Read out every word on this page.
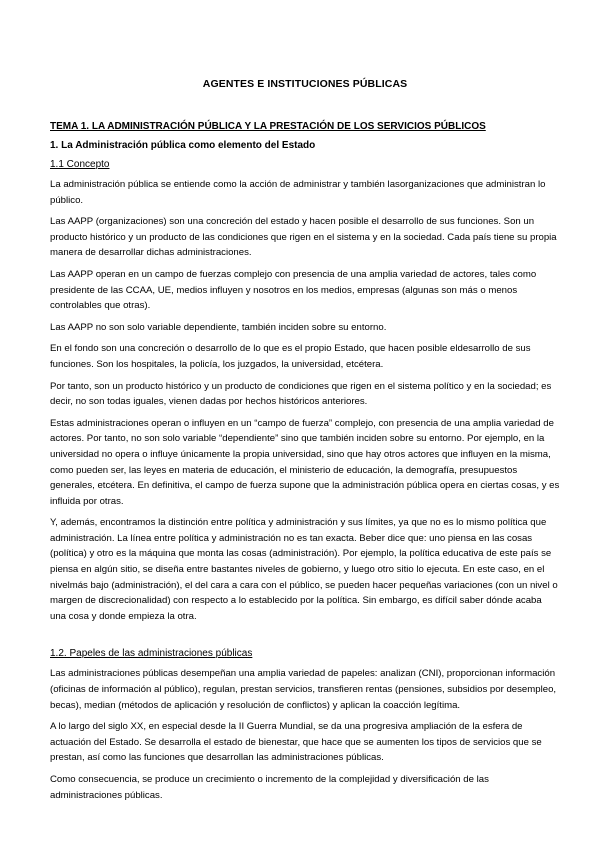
AGENTES E INSTITUCIONES PÚBLICAS
TEMA 1. LA ADMINISTRACIÓN PÚBLICA Y LA PRESTACIÓN DE LOS SERVICIOS PÚBLICOS
1. La Administración pública como elemento del Estado
1.1 Concepto

La administración pública se entiende como la acción de administrar y también lasorganizaciones que administran lo público.

Las AAPP (organizaciones) son una concreción del estado y hacen posible el desarrollo de sus funciones. Son un producto histórico y un producto de las condiciones que rigen en el sistema y en la sociedad. Cada país tiene su propia manera de desarrollar dichas administraciones.

Las AAPP operan en un campo de fuerzas complejo con presencia de una amplia variedad de actores, tales como presidente de las CCAA, UE, medios influyen y nosotros en los medios, empresas (algunas son más o menos controlables que otras).

Las AAPP no son solo variable dependiente, también inciden sobre su entorno.

En el fondo son una concreción o desarrollo de lo que es el propio Estado, que hacen posible eldesarrollo de sus funciones. Son los hospitales, la policía, los juzgados, la universidad, etcétera.

Por tanto, son un producto histórico y un producto de condiciones que rigen en el sistema político y en la sociedad; es decir, no son todas iguales, vienen dadas por hechos históricos anteriores.

Estas administraciones operan o influyen en un “campo de fuerza” complejo, con presencia de una amplia variedad de actores. Por tanto, no son solo variable “dependiente” sino que también inciden sobre su entorno. Por ejemplo, en la universidad no opera o influye únicamente la propia universidad, sino que hay otros actores que influyen en la misma, como pueden ser, las leyes en materia de educación, el ministerio de educación, la demografía, presupuestos generales, etcétera. En definitiva, el campo de fuerza supone que la administración pública opera en ciertas cosas, y es influida por otras.

Y, además, encontramos la distinción entre política y administración y sus límites, ya que no es lo mismo política que administración. La línea entre política y administración no es tan exacta. Beber dice que: uno piensa en las cosas (política) y otro es la máquina que monta las cosas (administración). Por ejemplo, la política educativa de este país se piensa en algún sitio, se diseña entre bastantes niveles de gobierno, y luego otro sitio lo ejecuta. En este caso, en el nivelmás bajo (administración), el del cara a cara con el público, se pueden hacer pequeñas variaciones (con un nivel o margen de discrecionalidad) con respecto a lo establecido por la política. Sin embargo, es difícil saber dónde acaba una cosa y donde empieza la otra.

1.2. Papeles de las administraciones públicas

Las administraciones públicas desempeñan una amplia variedad de papeles: analizan (CNI), proporcionan información (oficinas de información al público), regulan, prestan servicios, transfieren rentas (pensiones, subsidios por desempleo, becas), median (métodos de aplicación y resolución de conflictos) y aplican la coacción legítima.

A lo largo del siglo XX, en especial desde la II Guerra Mundial, se da una progresiva ampliación de la esfera de actuación del Estado. Se desarrolla el estado de bienestar, que hace que se aumenten los tipos de servicios que se prestan, así como las funciones que desarrollan las administraciones públicas.

Como consecuencia, se produce un crecimiento o incremento de la complejidad y diversificación de las administraciones públicas.
